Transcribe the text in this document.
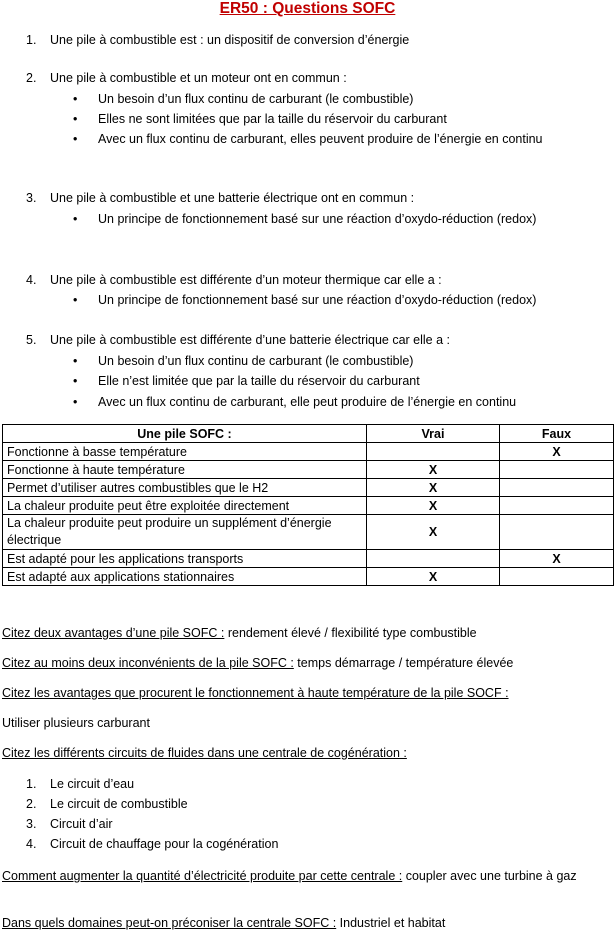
ER50 : Questions SOFC
1. Une pile à combustible est : un dispositif de conversion d’énergie
2. Une pile à combustible et un moteur ont en commun :
• Un besoin d’un flux continu de carburant (le combustible)
• Elles ne sont limitées que par la taille du réservoir du carburant
• Avec un flux continu de carburant, elles peuvent produire de l’énergie en continu
3. Une pile à combustible et une batterie électrique ont en commun :
• Un principe de fonctionnement basé sur une réaction d’oxydo-réduction (redox)
4. Une pile à combustible est différente d’un moteur thermique car elle a :
• Un principe de fonctionnement basé sur une réaction d’oxydo-réduction (redox)
5. Une pile à combustible est différente d’une batterie électrique car elle a :
• Un besoin d’un flux continu de carburant (le combustible)
• Elle n’est limitée que par la taille du réservoir du carburant
• Avec un flux continu de carburant, elle peut produire de l’énergie en continu
Une pile SOFC :	Vrai	Faux
Fonctionne à basse température		X
Fonctionne à haute température	X	
Permet d’utiliser autres combustibles que le H2	X	
La chaleur produite peut être exploitée directement	X	
La chaleur produite peut produire un supplément d’énergie électrique	X	
Est adapté pour les applications transports		X
Est adapté aux applications stationnaires	X	
Citez deux avantages d’une pile SOFC : rendement élevé / flexibilité type combustible
Citez au moins deux inconvénients de la pile SOFC : temps démarrage / température élevée
Citez les avantages que procurent le fonctionnement à haute température de la pile SOCF :
Utiliser plusieurs carburant
Citez les différents circuits de fluides dans une centrale de cogénération :
1. Le circuit d’eau
2. Le circuit de combustible
3. Circuit d’air
4. Circuit de chauffage pour la cogénération
Comment augmenter la quantité d’électricité produite par cette centrale : coupler avec une turbine à gaz
Dans quels domaines peut-on préconiser la centrale SOFC : Industriel et habitat
